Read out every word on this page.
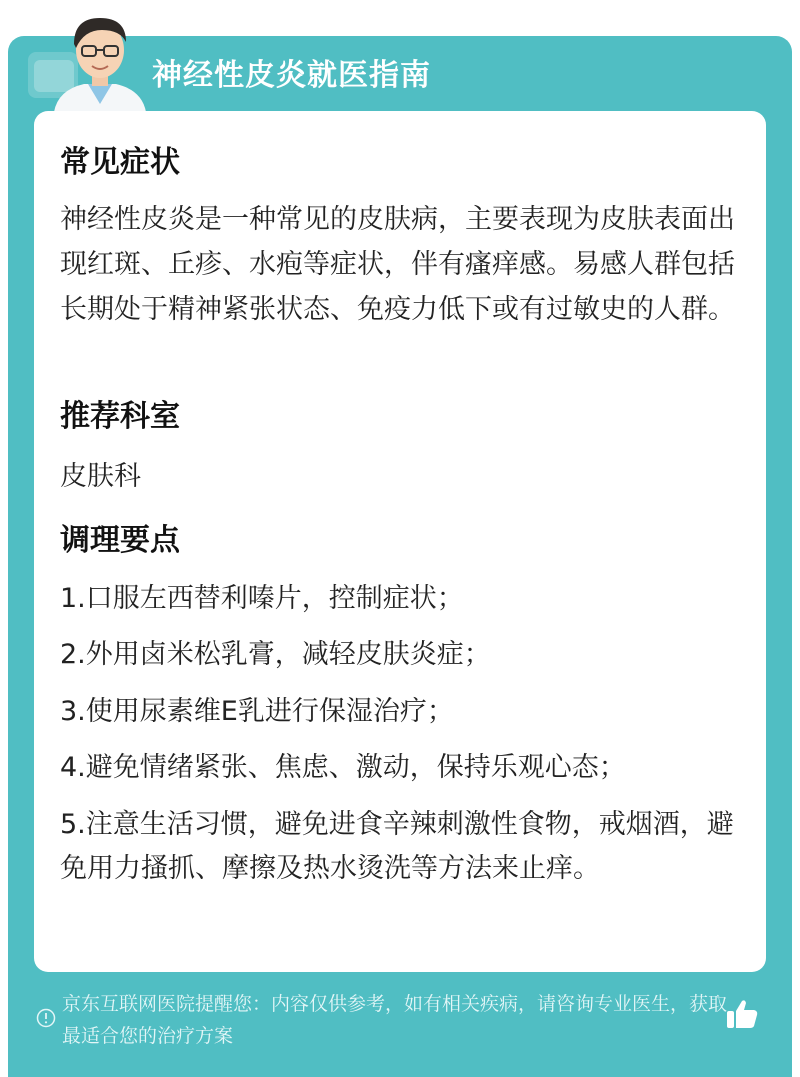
神经性皮炎就医指南
常见症状
神经性皮炎是一种常见的皮肤病，主要表现为皮肤表面出现红斑、丘疹、水疱等症状，伴有瘙痒感。易感人群包括长期处于精神紧张状态、免疫力低下或有过敏史的人群。
推荐科室
皮肤科
调理要点
1.口服左西替利嗪片，控制症状；
2.外用卤米松乳膏，减轻皮肤炎症；
3.使用尿素维E乳进行保湿治疗；
4.避免情绪紧张、焦虑、激动，保持乐观心态；
5.注意生活习惯，避免进食辛辣刺激性食物，戒烟酒，避免用力搔抓、摩擦及热水烫洗等方法来止痒。
京东互联网医院提醒您：内容仅供参考，如有相关疾病，请咨询专业医生，获取最适合您的治疗方案
